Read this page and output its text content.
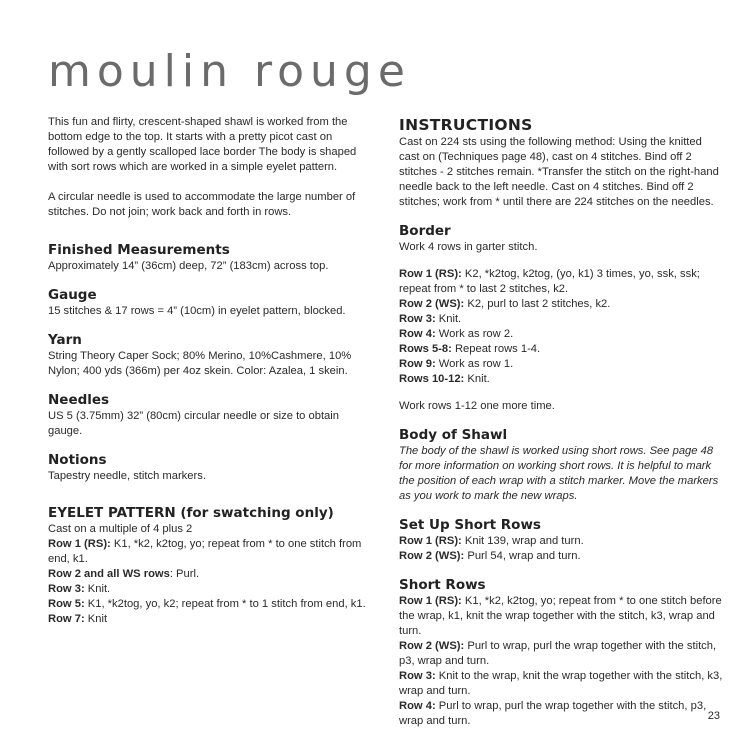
moulin rouge

This fun and flirty, crescent-shaped shawl is worked from the bottom edge to the top. It starts with a pretty picot cast on followed by a gently scalloped lace border The body is shaped with sort rows which are worked in a simple eyelet pattern.

A circular needle is used to accommodate the large number of stitches. Do not join; work back and forth in rows.

Finished Measurements

Approximately 14” (36cm) deep, 72” (183cm) across top.

Gauge

15 stitches & 17 rows = 4” (10cm) in eyelet pattern, blocked.

Yarn

String Theory Caper Sock; 80% Merino, 10%Cashmere, 10% Nylon; 400 yds (366m) per 4oz skein. Color: Azalea, 1 skein.

Needles

US 5 (3.75mm) 32” (80cm) circular needle or size to obtain gauge.

Notions

Tapestry needle, stitch markers.

EYELET PATTERN (for swatching only)

Cast on a multiple of 4 plus 2

Row 1 (RS): K1, *k2, k2tog, yo; repeat from * to one stitch from end, k1.

Row 2 and all WS rows: Purl.

Row 3: Knit.

Row 5: K1, *k2tog, yo, k2; repeat from * to 1 stitch from end, k1.

Row 7: Knit

INSTRUCTIONS

Cast on 224 sts using the following method: Using the knitted cast on (Techniques page 48), cast on 4 stitches. Bind off 2 stitches - 2 stitches remain. *Transfer the stitch on the right-hand needle back to the left needle. Cast on 4 stitches. Bind off 2 stitches; work from * until there are 224 stitches on the needles.

Border

Work 4 rows in garter stitch.

Row 1 (RS): K2, *k2tog, k2tog, (yo, k1) 3 times, yo, ssk, ssk; repeat from * to last 2 stitches, k2.

Row 2 (WS): K2, purl to last 2 stitches, k2.

Row 3: Knit.

Row 4: Work as row 2.

Rows 5-8: Repeat rows 1-4.

Row 9: Work as row 1.

Rows 10-12: Knit.

Work rows 1-12 one more time.

Body of Shawl

The body of the shawl is worked using short rows. See page 48 for more information on working short rows. It is helpful to mark the position of each wrap with a stitch marker. Move the markers as you work to mark the new wraps.

Set Up Short Rows

Row 1 (RS): Knit 139, wrap and turn.

Row 2 (WS): Purl 54, wrap and turn.

Short Rows

Row 1 (RS): K1, *k2, k2tog, yo; repeat from * to one stitch before the wrap, k1, knit the wrap together with the stitch, k3, wrap and turn.

Row 2 (WS): Purl to wrap, purl the wrap together with the stitch, p3, wrap and turn.

Row 3: Knit to the wrap, knit the wrap together with the stitch, k3, wrap and turn.

Row 4: Purl to wrap, purl the wrap together with the stitch, p3, wrap and turn.	23
